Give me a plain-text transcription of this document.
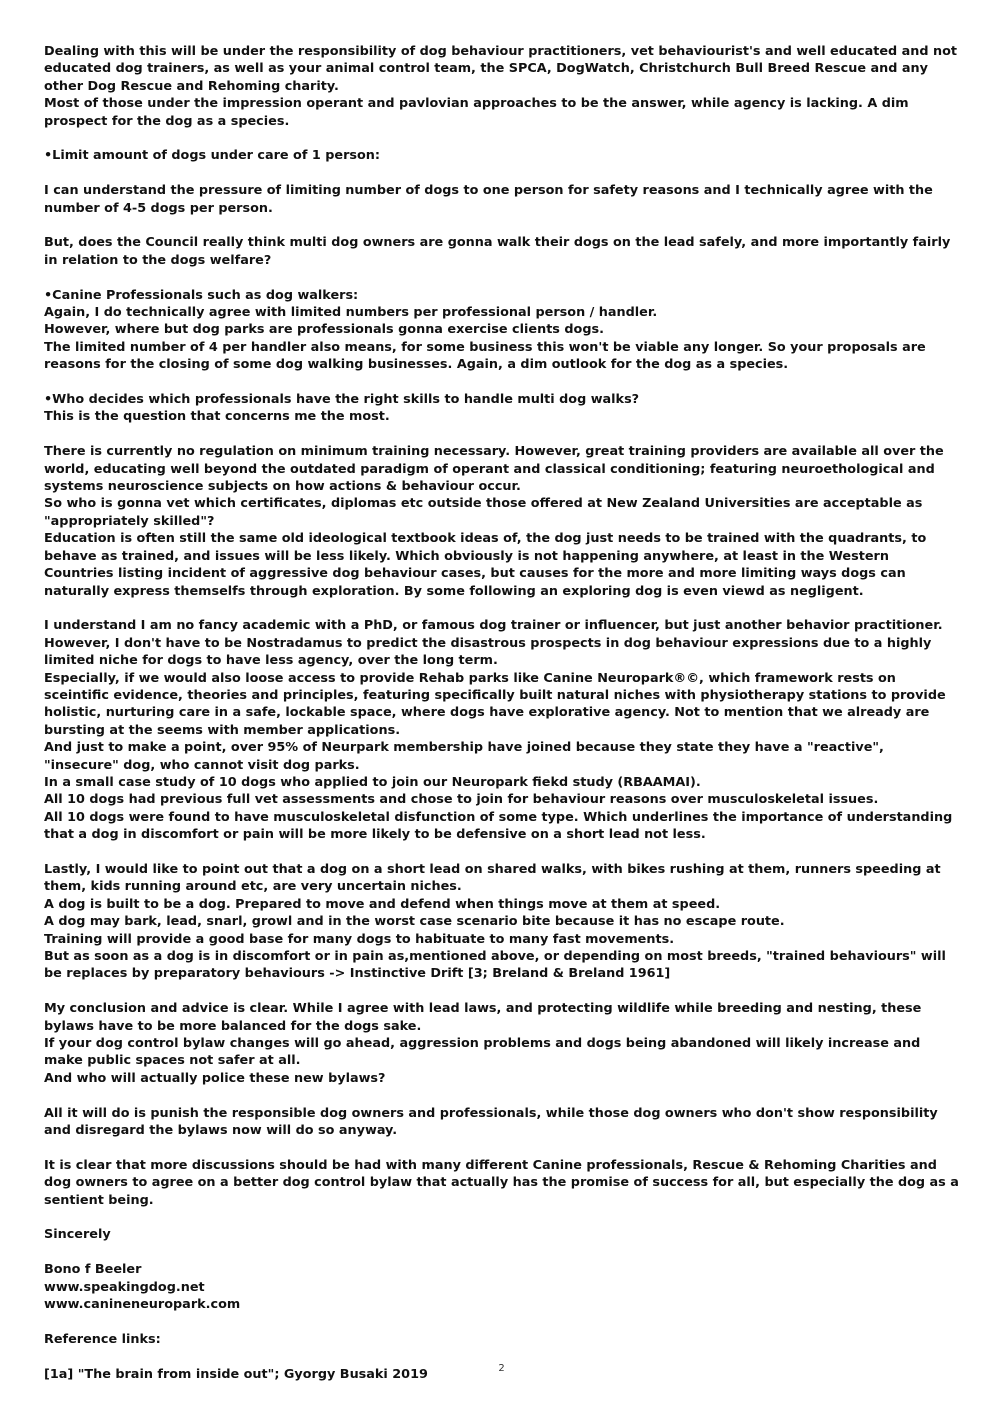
Dealing with this will be under the responsibility of dog behaviour practitioners, vet behaviourist's and well educated and not educated dog trainers, as well as your animal control team, the SPCA, DogWatch, Christchurch Bull Breed Rescue and any other Dog Rescue and Rehoming charity.
Most of those under the impression operant and pavlovian approaches to be the answer, while agency is lacking. A dim prospect for the dog as a species.

•Limit amount of dogs under care of 1 person:

I can understand the pressure of limiting number of dogs to one person for safety reasons and I technically agree with the number of 4-5 dogs per person.

But, does the Council really think multi dog owners are gonna walk their dogs on the lead safely, and more importantly fairly in relation to the dogs welfare?

•Canine Professionals such as dog walkers:
Again, I do technically agree with limited numbers per professional person / handler.
However, where but dog parks are professionals gonna exercise clients dogs.
The limited number of 4 per handler also means, for some business this won't be viable any longer. So your proposals are reasons for the closing of some dog walking businesses. Again, a dim outlook for the dog as a species.

•Who decides which professionals have the right skills to handle multi dog walks?
This is the question that concerns me the most.

There is currently no regulation on minimum training necessary. However, great training providers are available all over the world, educating well beyond the outdated paradigm of operant and classical conditioning; featuring neuroethological and systems neuroscience subjects on how actions & behaviour occur.
So who is gonna vet which certificates, diplomas etc outside those offered at New Zealand Universities are acceptable as "appropriately skilled"?
Education is often still the same old ideological textbook ideas of, the dog just needs to be trained with the quadrants, to behave as trained, and issues will be less likely. Which obviously is not happening anywhere, at least in the Western Countries listing incident of aggressive dog behaviour cases, but causes for the more and more limiting ways dogs can naturally express themselfs through exploration. By some following an exploring dog is even viewd as negligent.

I understand I am no fancy academic with a PhD, or famous dog trainer or influencer, but just another behavior practitioner.
However, I don't have to be Nostradamus to predict the disastrous prospects in dog behaviour expressions due to a highly limited niche for dogs to have less agency, over the long term.
Especially, if we would also loose access to provide Rehab parks like Canine Neuropark®©, which framework rests on sceintific evidence, theories and principles, featuring specifically built natural niches with physiotherapy stations to provide holistic, nurturing care in a safe, lockable space, where dogs have explorative agency. Not to mention that we already are bursting at the seems with member applications.
And just to make a point, over 95% of Neurpark membership have joined because they state they have a "reactive", "insecure" dog, who cannot visit dog parks.
In a small case study of 10 dogs who applied to join our Neuropark fiekd study (RBAAMAI).
All 10 dogs had previous full vet assessments and chose to join for behaviour reasons over musculoskeletal issues.
All 10 dogs were found to have musculoskeletal disfunction of some type. Which underlines the importance of understanding that a dog in discomfort or pain will be more likely to be defensive on a short lead not less.

Lastly, I would like to point out that a dog on a short lead on shared walks, with bikes rushing at them, runners speeding at them, kids running around etc, are very uncertain niches.
A dog is built to be a dog. Prepared to move and defend when things move at them at speed.
A dog may bark, lead, snarl, growl and in the worst case scenario bite because it has no escape route.
Training will provide a good base for many dogs to habituate to many fast movements.
But as soon as a dog is in discomfort or in pain as,mentioned above, or depending on most breeds, "trained behaviours" will be replaces by preparatory behaviours -> Instinctive Drift [3; Breland & Breland 1961]

My conclusion and advice is clear. While I agree with lead laws, and protecting wildlife while breeding and nesting, these bylaws have to be more balanced for the dogs sake.
If your dog control bylaw changes will go ahead, aggression problems and dogs being abandoned will likely increase and make public spaces not safer at all.
And who will actually police these new bylaws?

All it will do is punish the responsible dog owners and professionals, while those dog owners who don't show responsibility and disregard the bylaws now will do so anyway.

It is clear that more discussions should be had with many different Canine professionals, Rescue & Rehoming Charities and dog owners to agree on a better dog control bylaw that actually has the promise of success for all, but especially the dog as a sentient being.

Sincerely

Bono f Beeler
www.speakingdog.net
www.canineneuropark.com

Reference links:

[1a] "The brain from inside out"; Gyorgy Busaki 2019	2
